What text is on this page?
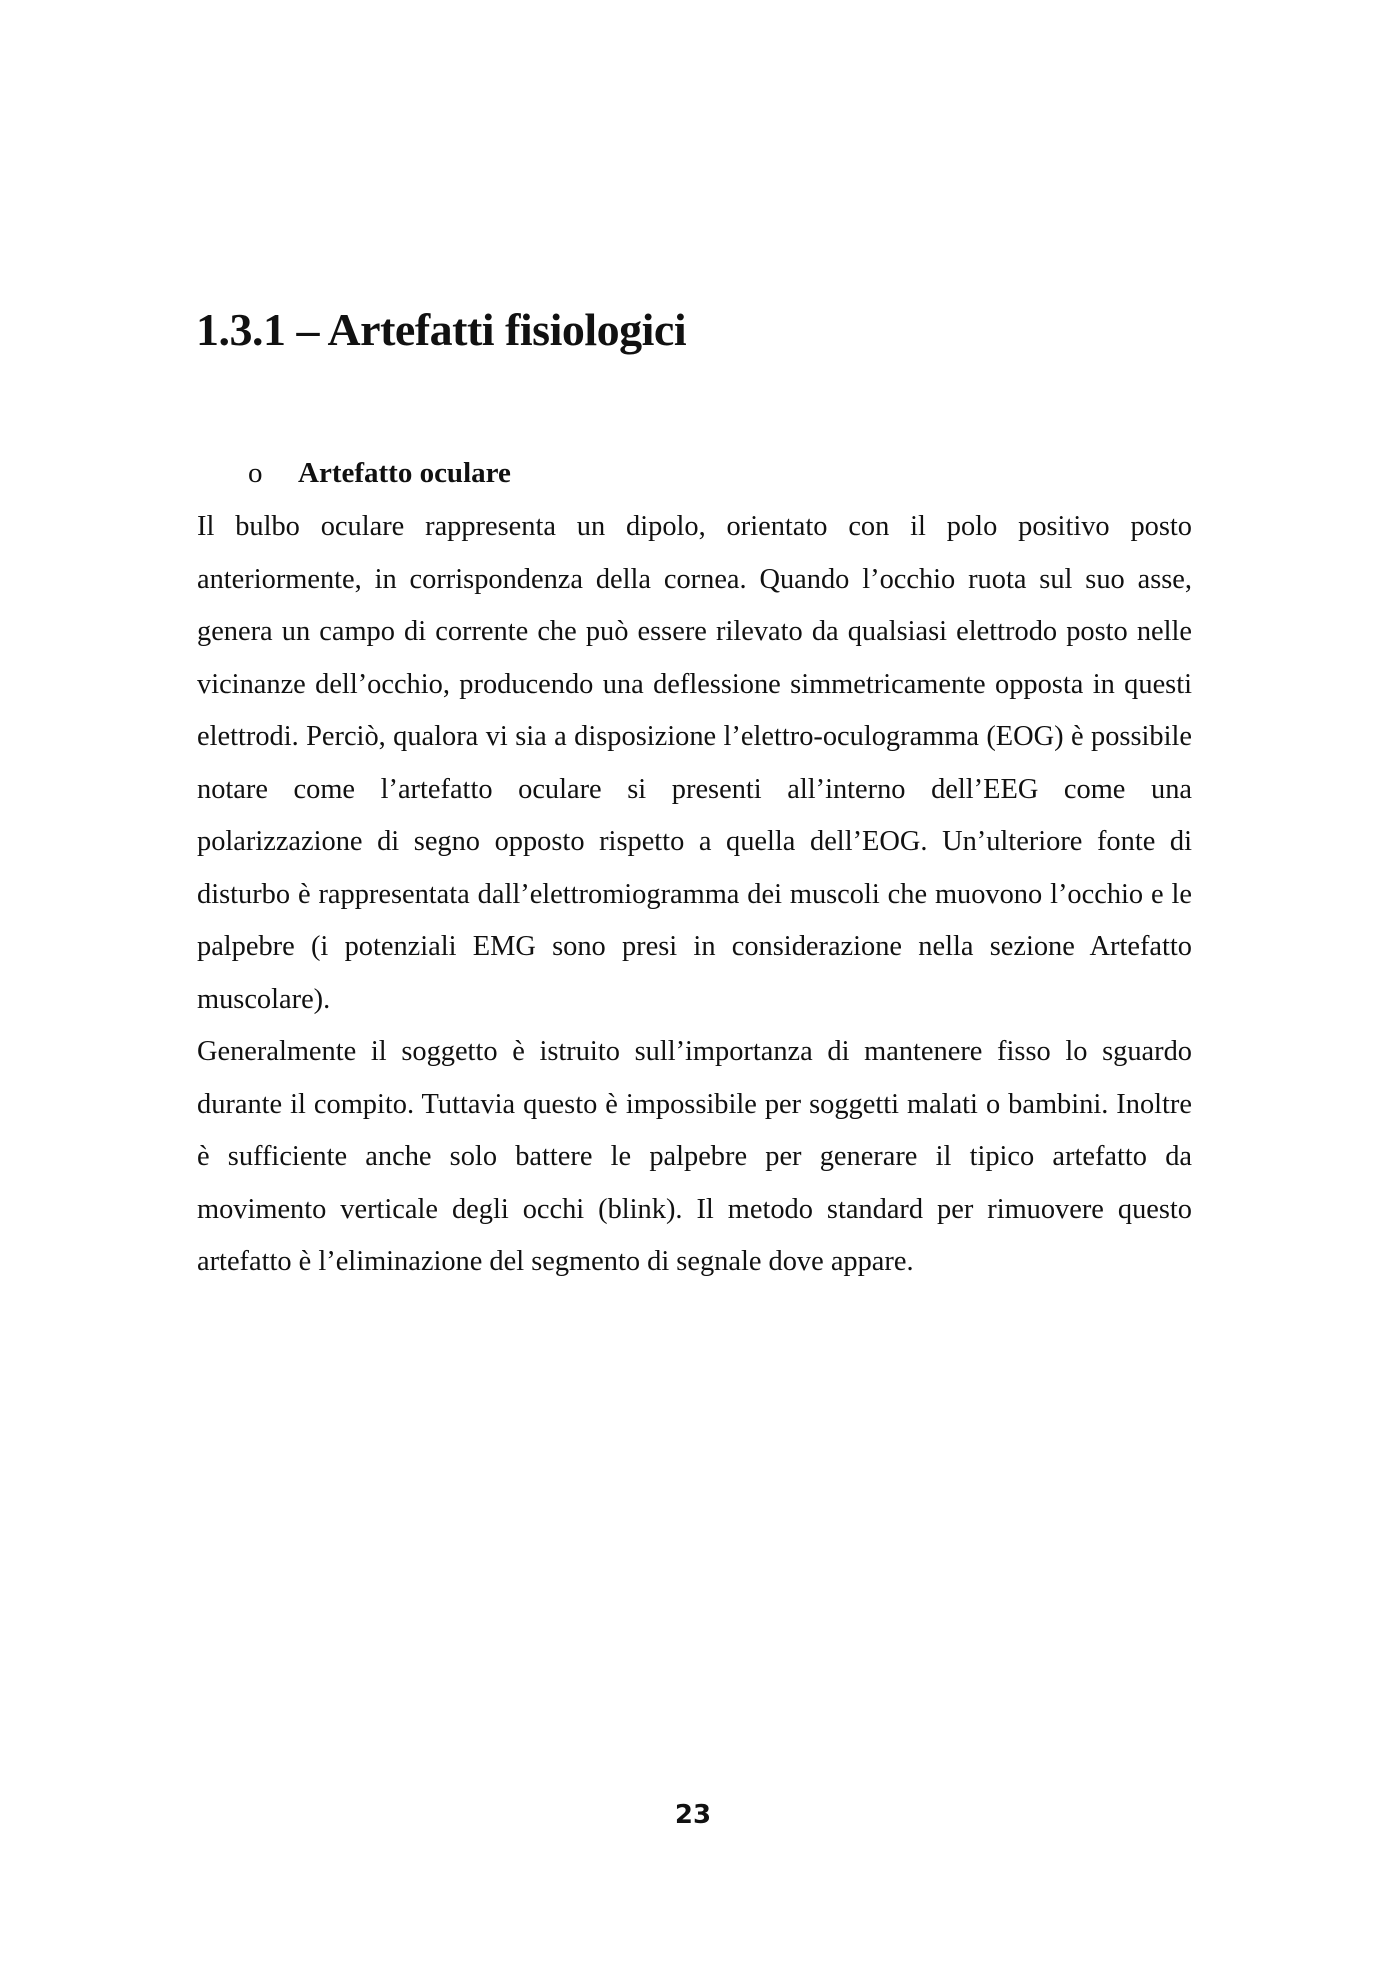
1.3.1 – Artefatti fisiologici
o Artefatto oculare

Il bulbo oculare rappresenta un dipolo, orientato con il polo positivo posto anteriormente, in corrispondenza della cornea. Quando l’occhio ruota sul suo asse, genera un campo di corrente che può essere rilevato da qualsiasi elettrodo posto nelle vicinanze dell’occhio, producendo una deflessione simmetricamente opposta in questi elettrodi. Perciò, qualora vi sia a disposizione l’elettro-oculogramma (EOG) è possibile notare come l’artefatto oculare si presenti all’interno dell’EEG come una polarizzazione di segno opposto rispetto a quella dell’EOG. Un’ulteriore fonte di disturbo è rappresentata dall’elettromiogramma dei muscoli che muovono l’occhio e le palpebre (i potenziali EMG sono presi in considerazione nella sezione Artefatto muscolare).

Generalmente il soggetto è istruito sull’importanza di mantenere fisso lo sguardo durante il compito. Tuttavia questo è impossibile per soggetti malati o bambini. Inoltre è sufficiente anche solo battere le palpebre per generare il tipico artefatto da movimento verticale degli occhi (blink). Il metodo standard per rimuovere questo artefatto è l’eliminazione del segmento di segnale dove appare.

23
